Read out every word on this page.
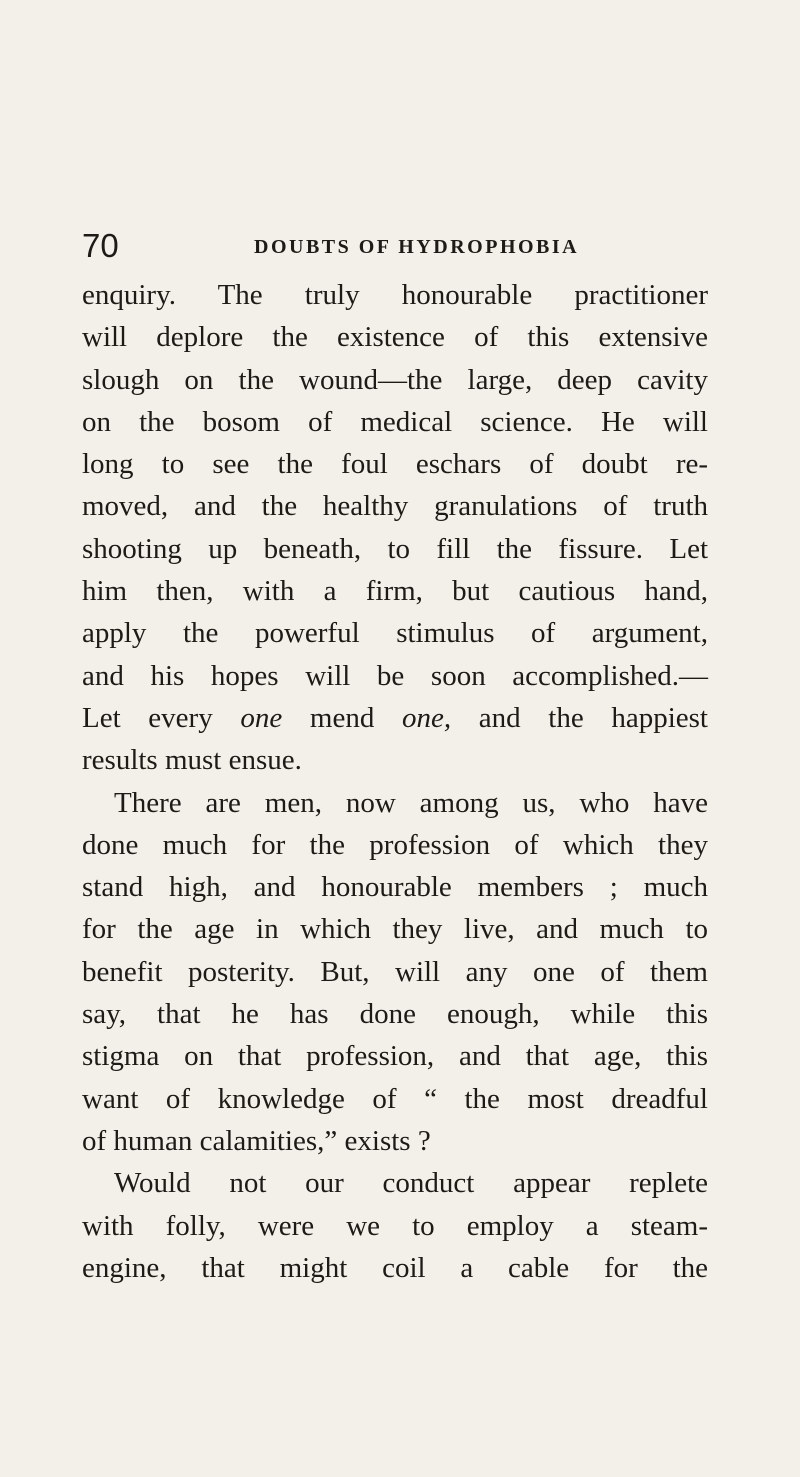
70	DOUBTS OF HYDROPHOBIA
enquiry. The truly honourable practitioner
will deplore the existence of this extensive
slough on the wound—the large, deep cavity
on the bosom of medical science. He will
long to see the foul eschars of doubt re-
moved, and the healthy granulations of truth
shooting up beneath, to fill the fissure. Let
him then, with a firm, but cautious hand,
apply the powerful stimulus of argument,
and his hopes will be soon accomplished.—
Let every one mend one, and the happiest
results must ensue.
There are men, now among us, who have
done much for the profession of which they
stand high, and honourable members ; much
for the age in which they live, and much to
benefit posterity. But, will any one of them
say, that he has done enough, while this
stigma on that profession, and that age, this
want of knowledge of “ the most dreadful
of human calamities,” exists ?
Would not our conduct appear replete
with folly, were we to employ a steam-
engine, that might coil a cable for the
